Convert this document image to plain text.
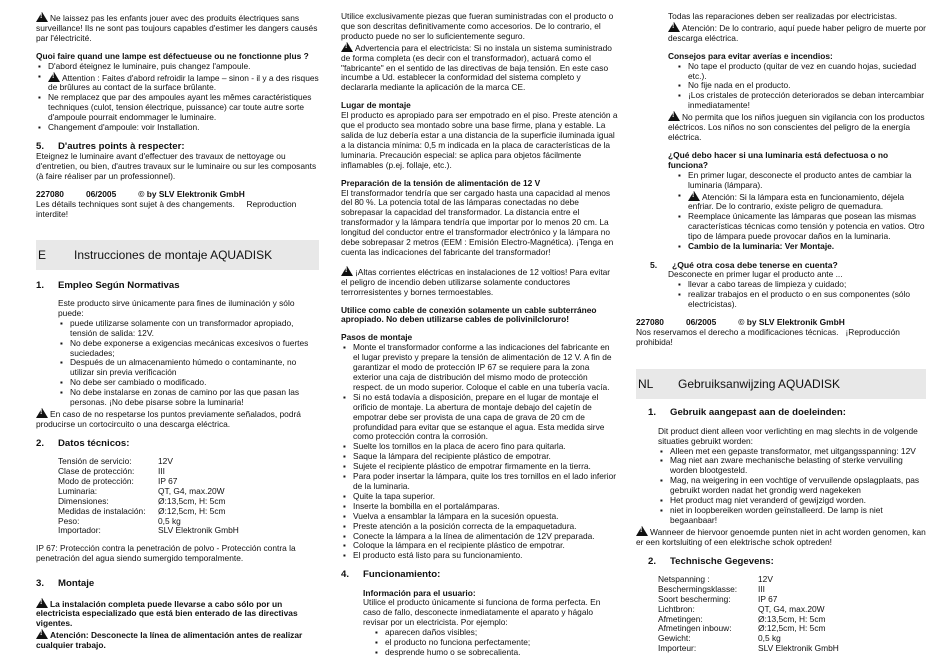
!Ne laissez pas les enfants jouer avec des produits électriques sans surveillance! Ils ne sont pas toujours capables d'estimer les dangers causés par l'électricité.

Quoi faire quand une lampe est défectueuse ou ne fonctionne plus ?

▪ D'abord éteignez le luminaire, puis changez l'ampoule.
!▪ Attention : Faites d'abord refroidir la lampe – sinon - il y a des risques de brûlures au contact de la surface brûlante.
▪ Ne remplacez que par des ampoules ayant les mêmes caractéristiques techniques (culot, tension électrique, puissance) car toute autre sorte d'ampoule pourrait endommager le luminaire.
▪ Changement d'ampoule: voir Installation.
5.	D'autres points à respecter:

Eteignez le luminaire avant d'effectuer des travaux de nettoyage ou d'entretien, ou bien, d'autres travaux sur le luminaire ou sur les composants (à faire réaliser par un professionnel).

227080	06/2005	© by SLV Elektronik GmbH

Les détails techniques sont sujet à des changements. Reproduction interdite!

E	Instrucciones de montaje AQUADISK
1.	Empleo Según Normativas

Este producto sirve únicamente para fines de iluminación y sólo puede:

▪ puede utilizarse solamente con un transformador apropiado, tensión de salida: 12V.
▪ No debe exponerse a exigencias mecánicas excesivos o fuertes suciedades;
▪ Después de un almacenamiento húmedo o contaminante, no utilizar sin previa verificación
▪ No debe ser cambiado o modificado.
▪ No debe instalarse en zonas de camino por las que pasan las personas. ¡No debe pisarse sobre la luminaria!

!En caso de no respetarse los puntos previamente señalados, podrá producirse un cortocircuito o una descarga eléctrica.

2.	Datos técnicos:
Tensión de servicio:	12V
Clase de protección:	III
Modo de protección:	IP 67
Luminaria:	QT, G4, max.20W
Dimensiones:	Ø:13,5cm, H: 5cm
Medidas de instalación:	Ø:12,5cm, H: 5cm
Peso:	0,5 kg
Importador:	SLV Elektronik GmbH

IP 67: Protección contra la penetración de polvo - Protección contra la penetración del agua siendo sumergido temporalmente.

3.	Montaje

!La instalación completa puede llevarse a cabo sólo por un electricista especializado que está bien enterado de las directivas vigentes.

!Atención: Desconecte la línea de alimentación antes de realizar cualquier trabajo.

Utilice exclusivamente piezas que fueran suministradas con el producto o que son descritas definitivamente como accesorios. De lo contrario, el producto puede no ser lo suficientemente seguro.

!Advertencia para el electricista: Si no instala un sistema suministrado de forma completa (es decir con el transformador), actuará como el "fabricante" en el sentido de las directivas de baja tensión. En este caso incumbe a Ud. establecer la conformidad del sistema completo y declararla mediante la aplicación de la marca CE.

Lugar de montaje

El producto es apropiado para ser empotrado en el piso. Preste atención a que el producto sea montado sobre una base firme, plana y estable. La salida de luz debería estar a una distancia de la superficie iluminada igual a la distancia mínima: 0,5 m indicada en la placa de características de la luminaria. Precaución especial: se aplica para objetos fácilmente inflamables (p.ej. follaje, etc.).

Preparación de la tensión de alimentación de 12 V

El transformador tendría que ser cargado hasta una capacidad al menos del 80 %. La potencia total de las lámparas conectadas no debe sobrepasar la capacidad del transformador. La distancia entre el transformador y la lámpara tendría que importar por lo menos 20 cm. La longitud del conductor entre el transformador electrónico y la lámpara no debe sobrepasar 2 metros (EEM : Emisión Electro-Magnética). ¡Tenga en cuenta las indicaciones del fabricante del transformador!

!¡Altas corrientes eléctricas en instalaciones de 12 voltios! Para evitar el peligro de incendio deben utilizarse solamente conductores terrorresistentes y bornes termoestables.

Utilice como cable de conexión solamente un cable subterráneo apropiado. No deben utilizarse cables de polivinilcloruro!

Pasos de montaje

▪ Monte el transformador conforme a las indicaciones del fabricante en el lugar previsto y prepare la tensión de alimentación de 12 V. A fin de garantizar el modo de protección IP 67 se requiere para la zona exterior una caja de distribución del mismo modo de protección respect. de un modo superior. Coloque el cable en una tubería vacía.
▪ Si no está todavía a disposición, prepare en el lugar de montaje el orificio de montaje. La abertura de montaje debajo del cajetín de empotrar debe ser provista de una capa de grava de 20 cm de profundidad para evitar que se estanque el agua. Esta medida sirve como protección contra la corrosión.
▪ Suelte los tornillos en la placa de acero fino para quitarla.
▪ Saque la lámpara del recipiente plástico de empotrar.
▪ Sujete el recipiente plástico de empotrar firmamente en la tierra.
▪ Para poder insertar la lámpara, quite los tres tornillos en el lado inferior de la luminaria.
▪ Quite la tapa superior.
▪ Inserte la bombilla en el portalámparas.
▪ Vuelva a ensamblar la lámpara en la sucesión opuesta.
▪ Preste atención a la posición correcta de la empaquetadura.
▪ Conecte la lámpara a la línea de alimentación de 12V preparada.
▪ Coloque la lámpara en el recipiente plástico de empotrar.
▪ El producto está listo para su funcionamiento.
4.	Funcionamiento:

Información para el usuario:

Utilice el producto únicamente si funciona de forma perfecta. En caso de fallo, desconecte inmediatamente el aparato y hágalo revisar por un electricista. Por ejemplo:

▪ aparecen daños visibles;
▪ el producto no funciona perfectamente;
▪ desprende humo o se sobrecalienta.

Todas las reparaciones deben ser realizadas por electricistas.

!Atención: De lo contrario, aquí puede haber peligro de muerte por descarga eléctrica.

Consejos para evitar averías e incendios:

▪ No tape el producto (quitar de vez en cuando hojas, suciedad etc.).
▪ No fije nada en el producto.
▪ ¡Los cristales de protección deteriorados se deban intercambiar inmediatamente!

!No permita que los niños jueguen sin vigilancia con los productos eléctricos. Los niños no son conscientes del peligro de la energía eléctrica.

¿Qué debo hacer si una luminaria está defectuosa o no funciona?

▪ En primer lugar, desconecte el producto antes de cambiar la luminaria (lámpara).
!▪ Atención: Si la lámpara esta en funcionamiento, déjela enfriar. De lo contrario, existe peligro de quemadura.
▪ Reemplace únicamente las lámparas que posean las mismas características técnicas como tensión y potencia en vatios. Otro tipo de lámpara puede provocar daños en la luminaria.
▪ Cambio de la luminaria: Ver Montaje.
5.	¿Qué otra cosa debe tenerse en cuenta?

Desconecte en primer lugar el producto ante ...

▪ llevar a cabo tareas de limpieza y cuidado;
▪ realizar trabajos en el producto o en sus componentes (sólo electricistas).
227080	06/2005	© by SLV Elektronik GmbH

Nos reservamos el derecho a modificaciones técnicas. ¡Reproducción prohibida!

NL	Gebruiksanwijzing AQUADISK
1.	Gebruik aangepast aan de doeleinden:

Dit product dient alleen voor verlichting en mag slechts in de volgende situaties gebruikt worden:

▪ Alleen met een gepaste transformator, met uitgangsspanning: 12V
▪ Mag niet aan zware mechanische belasting of sterke vervuiling worden blootgesteld.
▪ Mag, na weigering in een vochtige of vervuilende opslagplaats, pas gebruikt worden nadat het grondig werd nagekeken
▪ Het product mag niet veranderd of gewijzigd worden.
▪ niet in loopbereiken worden geïnstalleerd. De lamp is niet begaanbaar!

!Wanneer de hiervoor genoemde punten niet in acht worden genomen, kan er een kortsluiting of een elektrische schok optreden!

2.	Technische Gegevens:
Netspanning :	12V
Beschermingsklasse:	III
Soort bescherming:	IP 67
Lichtbron:	QT, G4, max.20W
Afmetingen:	Ø:13,5cm, H: 5cm
Afmetingen inbouw:	Ø:12,5cm, H: 5cm
Gewicht:	0,5 kg
Importeur:	SLV Elektronik GmbH
